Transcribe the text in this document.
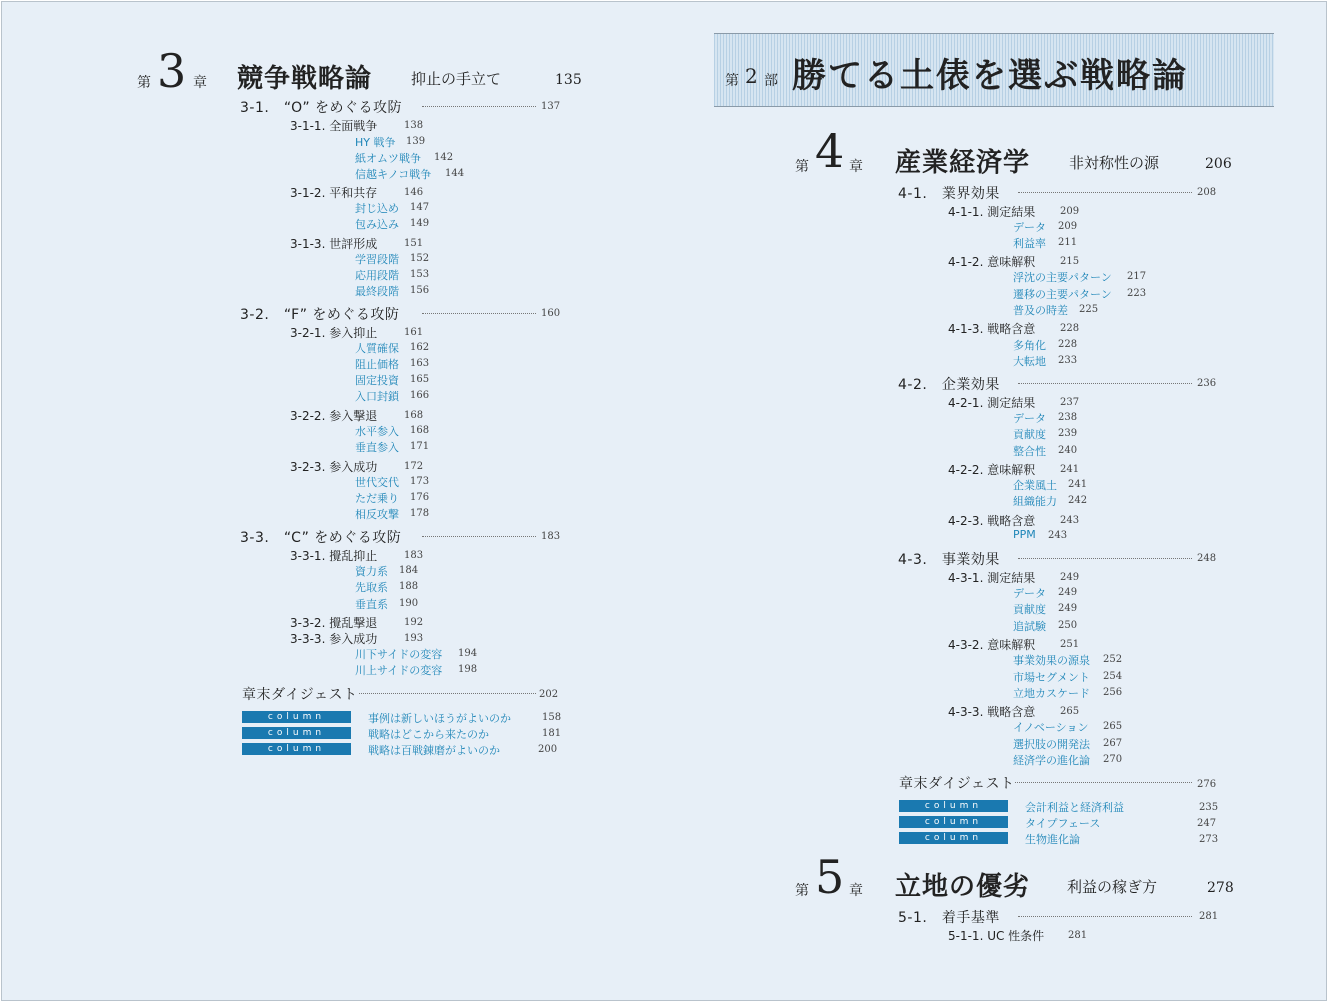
第 3 章 競争戦略論	抑止の手立て	135
3-1.　“O” をめぐる攻防	137
3-1-1. 全面戦争	138
HY 戦争 139
紙オムツ戦争 142
信越キノコ戦争 144
3-1-2. 平和共存	146
封じ込め 147
包み込み 149
3-1-3. 世評形成	151
学習段階 152
応用段階 153
最終段階 156
3-2.　“F” をめぐる攻防	160
3-2-1. 参入抑止	161
人質確保 162
阻止価格 163
固定投資 165
入口封鎖 166
3-2-2. 参入撃退	168
水平参入 168
垂直参入 171
3-2-3. 参入成功	172
世代交代 173
ただ乗り 176
相反攻撃 178
3-3.　“C” をめぐる攻防	183
3-3-1. 攪乱抑止	183
資力系 184
先取系 188
垂直系 190
3-3-2. 攪乱撃退	192
3-3-3. 参入成功	193
川下サイドの変容 194
川上サイドの変容 198
章末ダイジェスト	202
column	事例は新しいほうがよいのか	158
column	戦略はどこから来たのか	181
column	戦略は百戦錬磨がよいのか	200
第 2 部 勝てる土俵を選ぶ戦略論
第 4 章 産業経済学	非対称性の源	206
4-1.　業界効果	208
4-1-1. 測定結果 209
データ 209
利益率 211
4-1-2. 意味解釈 215
浮沈の主要パターン 217
遷移の主要パターン 223
普及の時差 225
4-1-3. 戦略含意 228
多角化 228
大転地 233
4-2.　企業効果	236
4-2-1. 測定結果 237
データ 238
貢献度 239
整合性 240
4-2-2. 意味解釈 241
企業風土 241
組織能力 242
4-2-3. 戦略含意 243
PPM 243
4-3.　事業効果	248
4-3-1. 測定結果 249
データ 249
貢献度 249
追試験 250
4-3-2. 意味解釈 251
事業効果の源泉 252
市場セグメント 254
立地カスケード 256
4-3-3. 戦略含意 265
イノベーション 265
選択肢の開発法 267
経済学の進化論 270
章末ダイジェスト	276
column	会計利益と経済利益	235
column	タイプフェース	247
column	生物進化論	273
第 5 章 立地の優劣 利益の稼ぎ方	278
5-1.　着手基準	281
5-1-1. UC 性条件 281
